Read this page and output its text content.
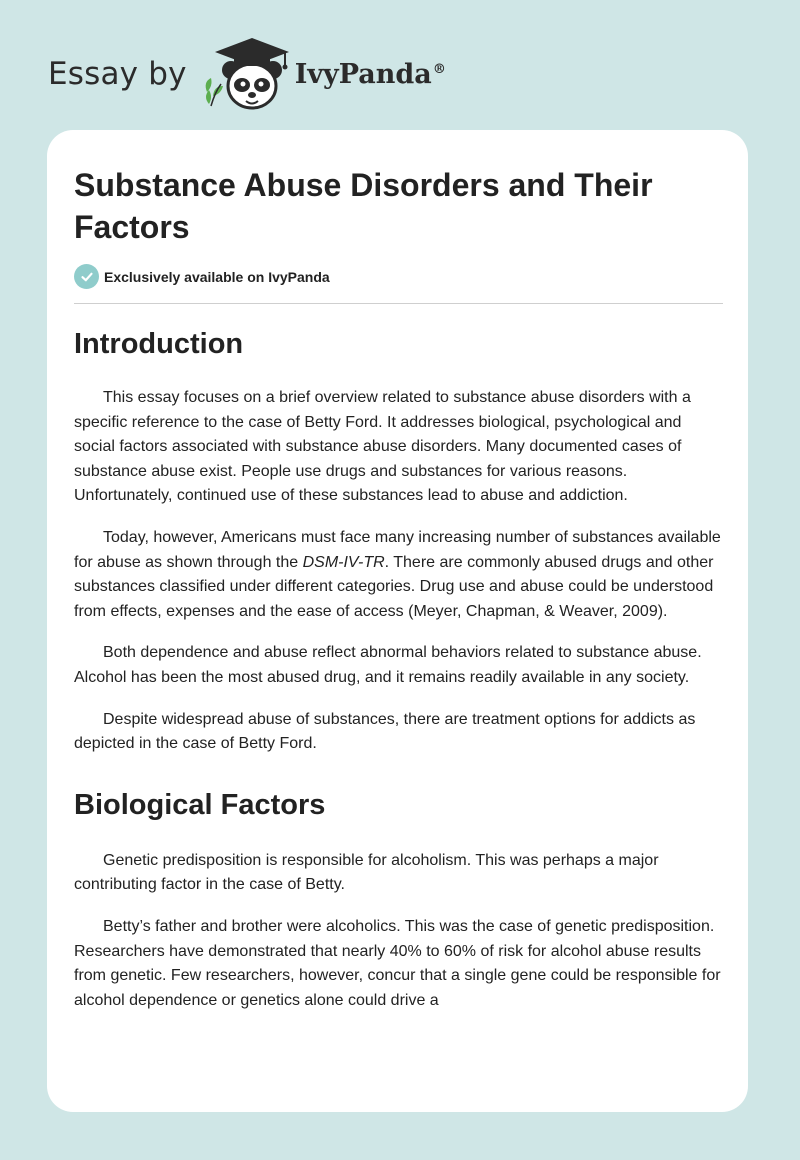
Essay by	IvyPanda®
Substance Abuse Disorders and Their Factors
Exclusively available on IvyPanda
Introduction

This essay focuses on a brief overview related to substance abuse disorders with a specific reference to the case of Betty Ford. It addresses biological, psychological and social factors associated with substance abuse disorders. Many documented cases of substance abuse exist. People use drugs and substances for various reasons. Unfortunately, continued use of these substances lead to abuse and addiction.

Today, however, Americans must face many increasing number of substances available for abuse as shown through the DSM-IV-TR. There are commonly abused drugs and other substances classified under different categories. Drug use and abuse could be understood from effects, expenses and the ease of access (Meyer, Chapman, & Weaver, 2009).

Both dependence and abuse reflect abnormal behaviors related to substance abuse. Alcohol has been the most abused drug, and it remains readily available in any society.

Despite widespread abuse of substances, there are treatment options for addicts as depicted in the case of Betty Ford.

Biological Factors

Genetic predisposition is responsible for alcoholism. This was perhaps a major contributing factor in the case of Betty.

Betty’s father and brother were alcoholics. This was the case of genetic predisposition. Researchers have demonstrated that nearly 40% to 60% of risk for alcohol abuse results from genetic. Few researchers, however, concur that a single gene could be responsible for alcohol dependence or genetics alone could drive a
